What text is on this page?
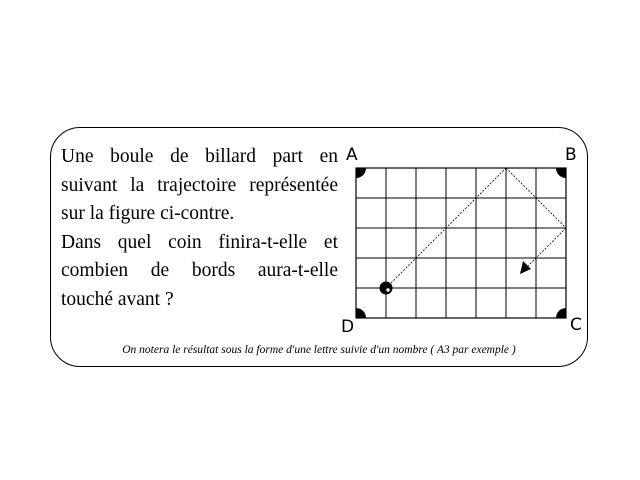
Une boule de billard part en suivant la trajectoire représentée sur la figure ci-contre.

Dans quel coin finira-t-elle et combien de bords aura-t-elle touché avant ?

On notera le résultat sous la forme d'une lettre suivie d'un nombre ( A3 par exemple )
A	B
C
D
